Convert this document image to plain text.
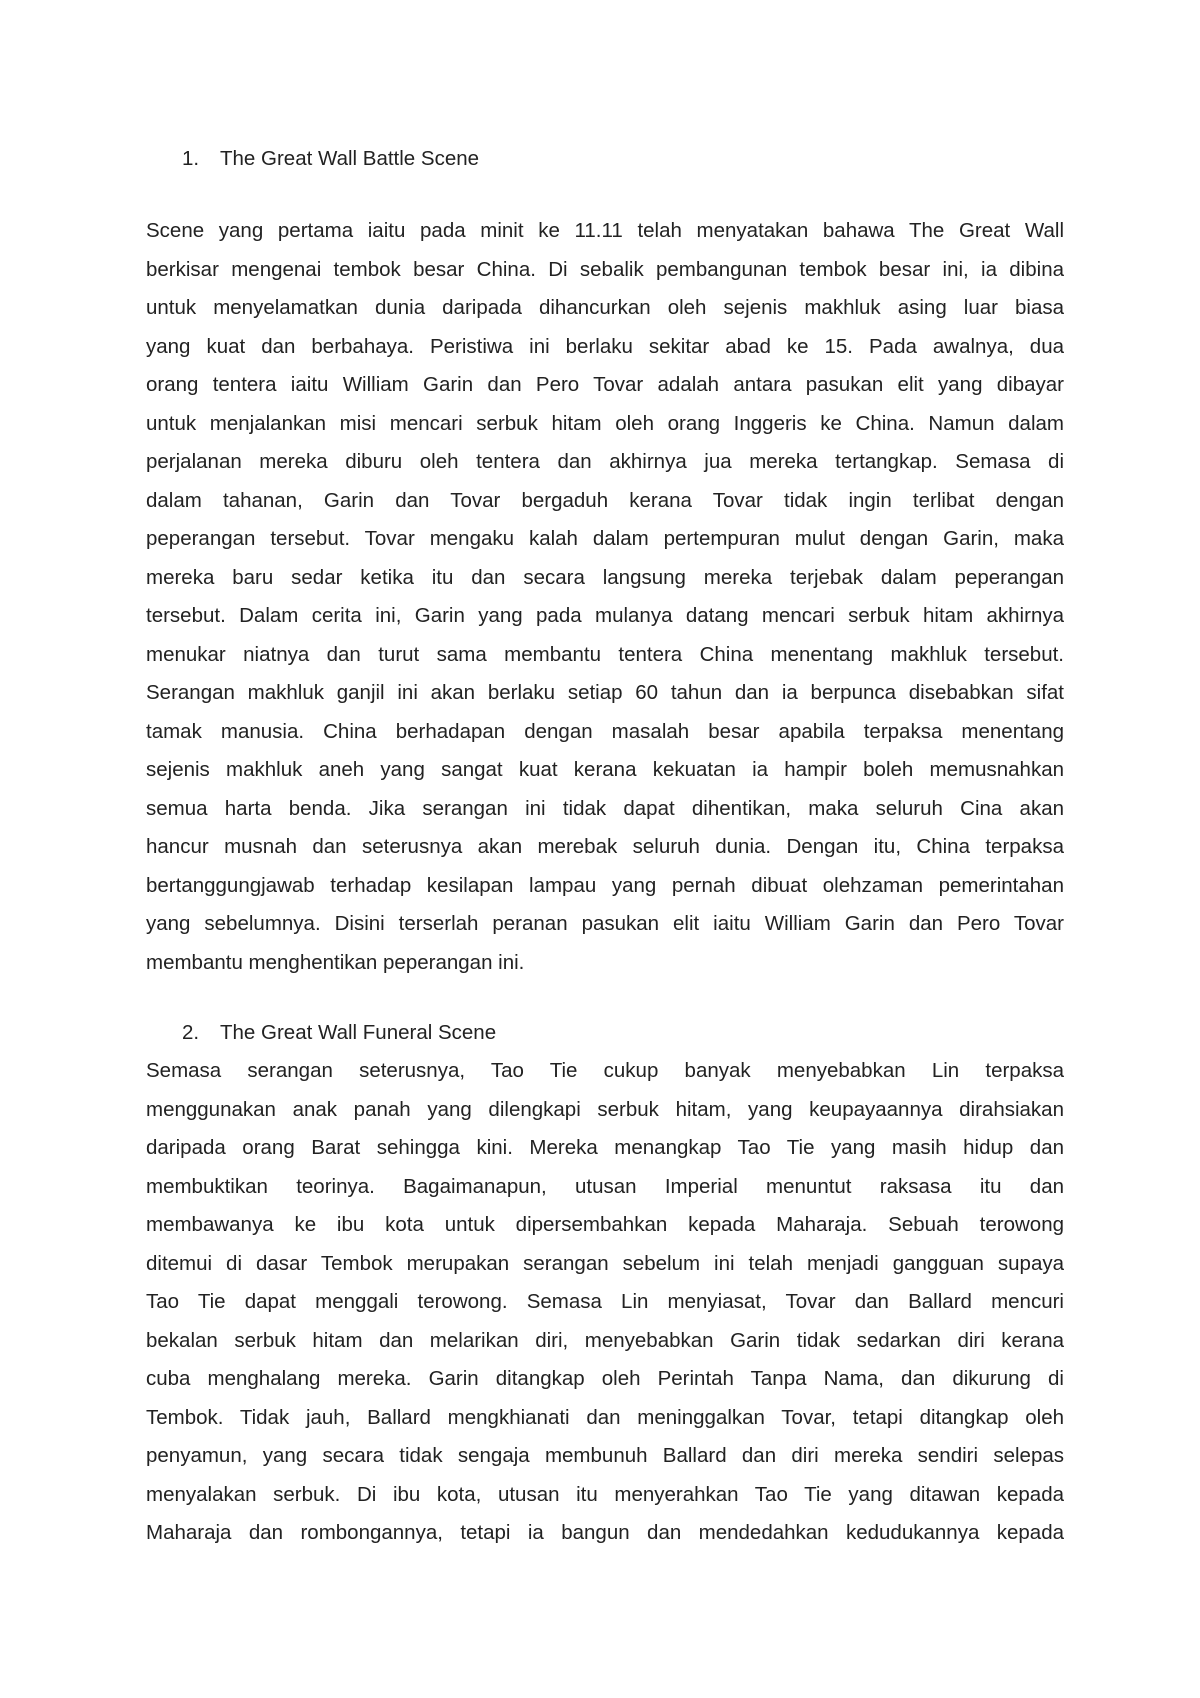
1.	The Great Wall Battle Scene
Scene yang pertama iaitu pada minit ke 11.11 telah menyatakan bahawa The Great Wall
berkisar mengenai tembok besar China. Di sebalik pembangunan tembok besar ini, ia dibina
untuk menyelamatkan dunia daripada dihancurkan oleh sejenis makhluk asing luar biasa
yang kuat dan berbahaya. Peristiwa ini berlaku sekitar abad ke 15. Pada awalnya, dua
orang tentera iaitu William Garin dan Pero Tovar adalah antara pasukan elit yang dibayar
untuk menjalankan misi mencari serbuk hitam oleh orang Inggeris ke China. Namun dalam
perjalanan mereka diburu oleh tentera dan akhirnya jua mereka tertangkap. Semasa di
dalam tahanan, Garin dan Tovar bergaduh kerana Tovar tidak ingin terlibat dengan
peperangan tersebut. Tovar mengaku kalah dalam pertempuran mulut dengan Garin, maka
mereka baru sedar ketika itu dan secara langsung mereka terjebak dalam peperangan
tersebut. Dalam cerita ini, Garin yang pada mulanya datang mencari serbuk hitam akhirnya
menukar niatnya dan turut sama membantu tentera China menentang makhluk tersebut.
Serangan makhluk ganjil ini akan berlaku setiap 60 tahun dan ia berpunca disebabkan sifat
tamak manusia. China berhadapan dengan masalah besar apabila terpaksa menentang
sejenis makhluk aneh yang sangat kuat kerana kekuatan ia hampir boleh memusnahkan
semua harta benda. Jika serangan ini tidak dapat dihentikan, maka seluruh Cina akan
hancur musnah dan seterusnya akan merebak seluruh dunia. Dengan itu, China terpaksa
bertanggungjawab terhadap kesilapan lampau yang pernah dibuat olehzaman pemerintahan
yang sebelumnya. Disini terserlah peranan pasukan elit iaitu William Garin dan Pero Tovar
membantu menghentikan peperangan ini.
2.	The Great Wall Funeral Scene
Semasa serangan seterusnya, Tao Tie cukup banyak menyebabkan Lin terpaksa
menggunakan anak panah yang dilengkapi serbuk hitam, yang keupayaannya dirahsiakan
daripada orang Barat sehingga kini. Mereka menangkap Tao Tie yang masih hidup dan
membuktikan teorinya. Bagaimanapun, utusan Imperial menuntut raksasa itu dan
membawanya ke ibu kota untuk dipersembahkan kepada Maharaja. Sebuah terowong
ditemui di dasar Tembok merupakan serangan sebelum ini telah menjadi gangguan supaya
Tao Tie dapat menggali terowong. Semasa Lin menyiasat, Tovar dan Ballard mencuri
bekalan serbuk hitam dan melarikan diri, menyebabkan Garin tidak sedarkan diri kerana
cuba menghalang mereka. Garin ditangkap oleh Perintah Tanpa Nama, dan dikurung di
Tembok. Tidak jauh, Ballard mengkhianati dan meninggalkan Tovar, tetapi ditangkap oleh
penyamun, yang secara tidak sengaja membunuh Ballard dan diri mereka sendiri selepas
menyalakan serbuk. Di ibu kota, utusan itu menyerahkan Tao Tie yang ditawan kepada
Maharaja dan rombongannya, tetapi ia bangun dan mendedahkan kedudukannya kepada
